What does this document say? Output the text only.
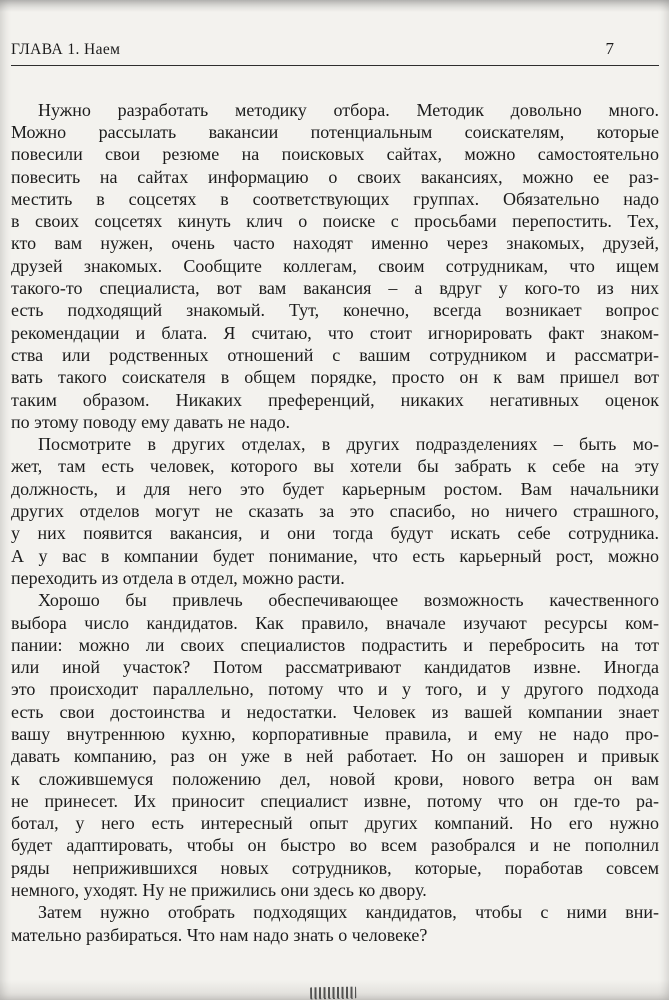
ГЛАВА 1. Наем	7
Нужно разработать методику отбора. Методик довольно много.
Можно рассылать вакансии потенциальным соискателям, которые
повесили свои резюме на поисковых сайтах, можно самостоятельно
повесить на сайтах информацию о своих вакансиях, можно ее раз-
местить в соцсетях в соответствующих группах. Обязательно надо
в своих соцсетях кинуть клич о поиске с просьбами перепостить. Тех,
кто вам нужен, очень часто находят именно через знакомых, друзей,
друзей знакомых. Сообщите коллегам, своим сотрудникам, что ищем
такого-то специалиста, вот вам вакансия – а вдруг у кого-то из них
есть подходящий знакомый. Тут, конечно, всегда возникает вопрос
рекомендации и блата. Я считаю, что стоит игнорировать факт знаком-
ства или родственных отношений с вашим сотрудником и рассматри-
вать такого соискателя в общем порядке, просто он к вам пришел вот
таким образом. Никаких преференций, никаких негативных оценок
по этому поводу ему давать не надо.
Посмотрите в других отделах, в других подразделениях – быть мо-
жет, там есть человек, которого вы хотели бы забрать к себе на эту
должность, и для него это будет карьерным ростом. Вам начальники
других отделов могут не сказать за это спасибо, но ничего страшного,
у них появится вакансия, и они тогда будут искать себе сотрудника.
А у вас в компании будет понимание, что есть карьерный рост, можно
переходить из отдела в отдел, можно расти.
Хорошо бы привлечь обеспечивающее возможность качественного
выбора число кандидатов. Как правило, вначале изучают ресурсы ком-
пании: можно ли своих специалистов подрастить и перебросить на тот
или иной участок? Потом рассматривают кандидатов извне. Иногда
это происходит параллельно, потому что и у того, и у другого подхода
есть свои достоинства и недостатки. Человек из вашей компании знает
вашу внутреннюю кухню, корпоративные правила, и ему не надо про-
давать компанию, раз он уже в ней работает. Но он зашорен и привык
к сложившемуся положению дел, новой крови, нового ветра он вам
не принесет. Их приносит специалист извне, потому что он где-то ра-
ботал, у него есть интересный опыт других компаний. Но его нужно
будет адаптировать, чтобы он быстро во всем разобрался и не пополнил
ряды неприжившихся новых сотрудников, которые, поработав совсем
немного, уходят. Ну не прижились они здесь ко двору.
Затем нужно отобрать подходящих кандидатов, чтобы с ними вни-
мательно разбираться. Что нам надо знать о человеке?
